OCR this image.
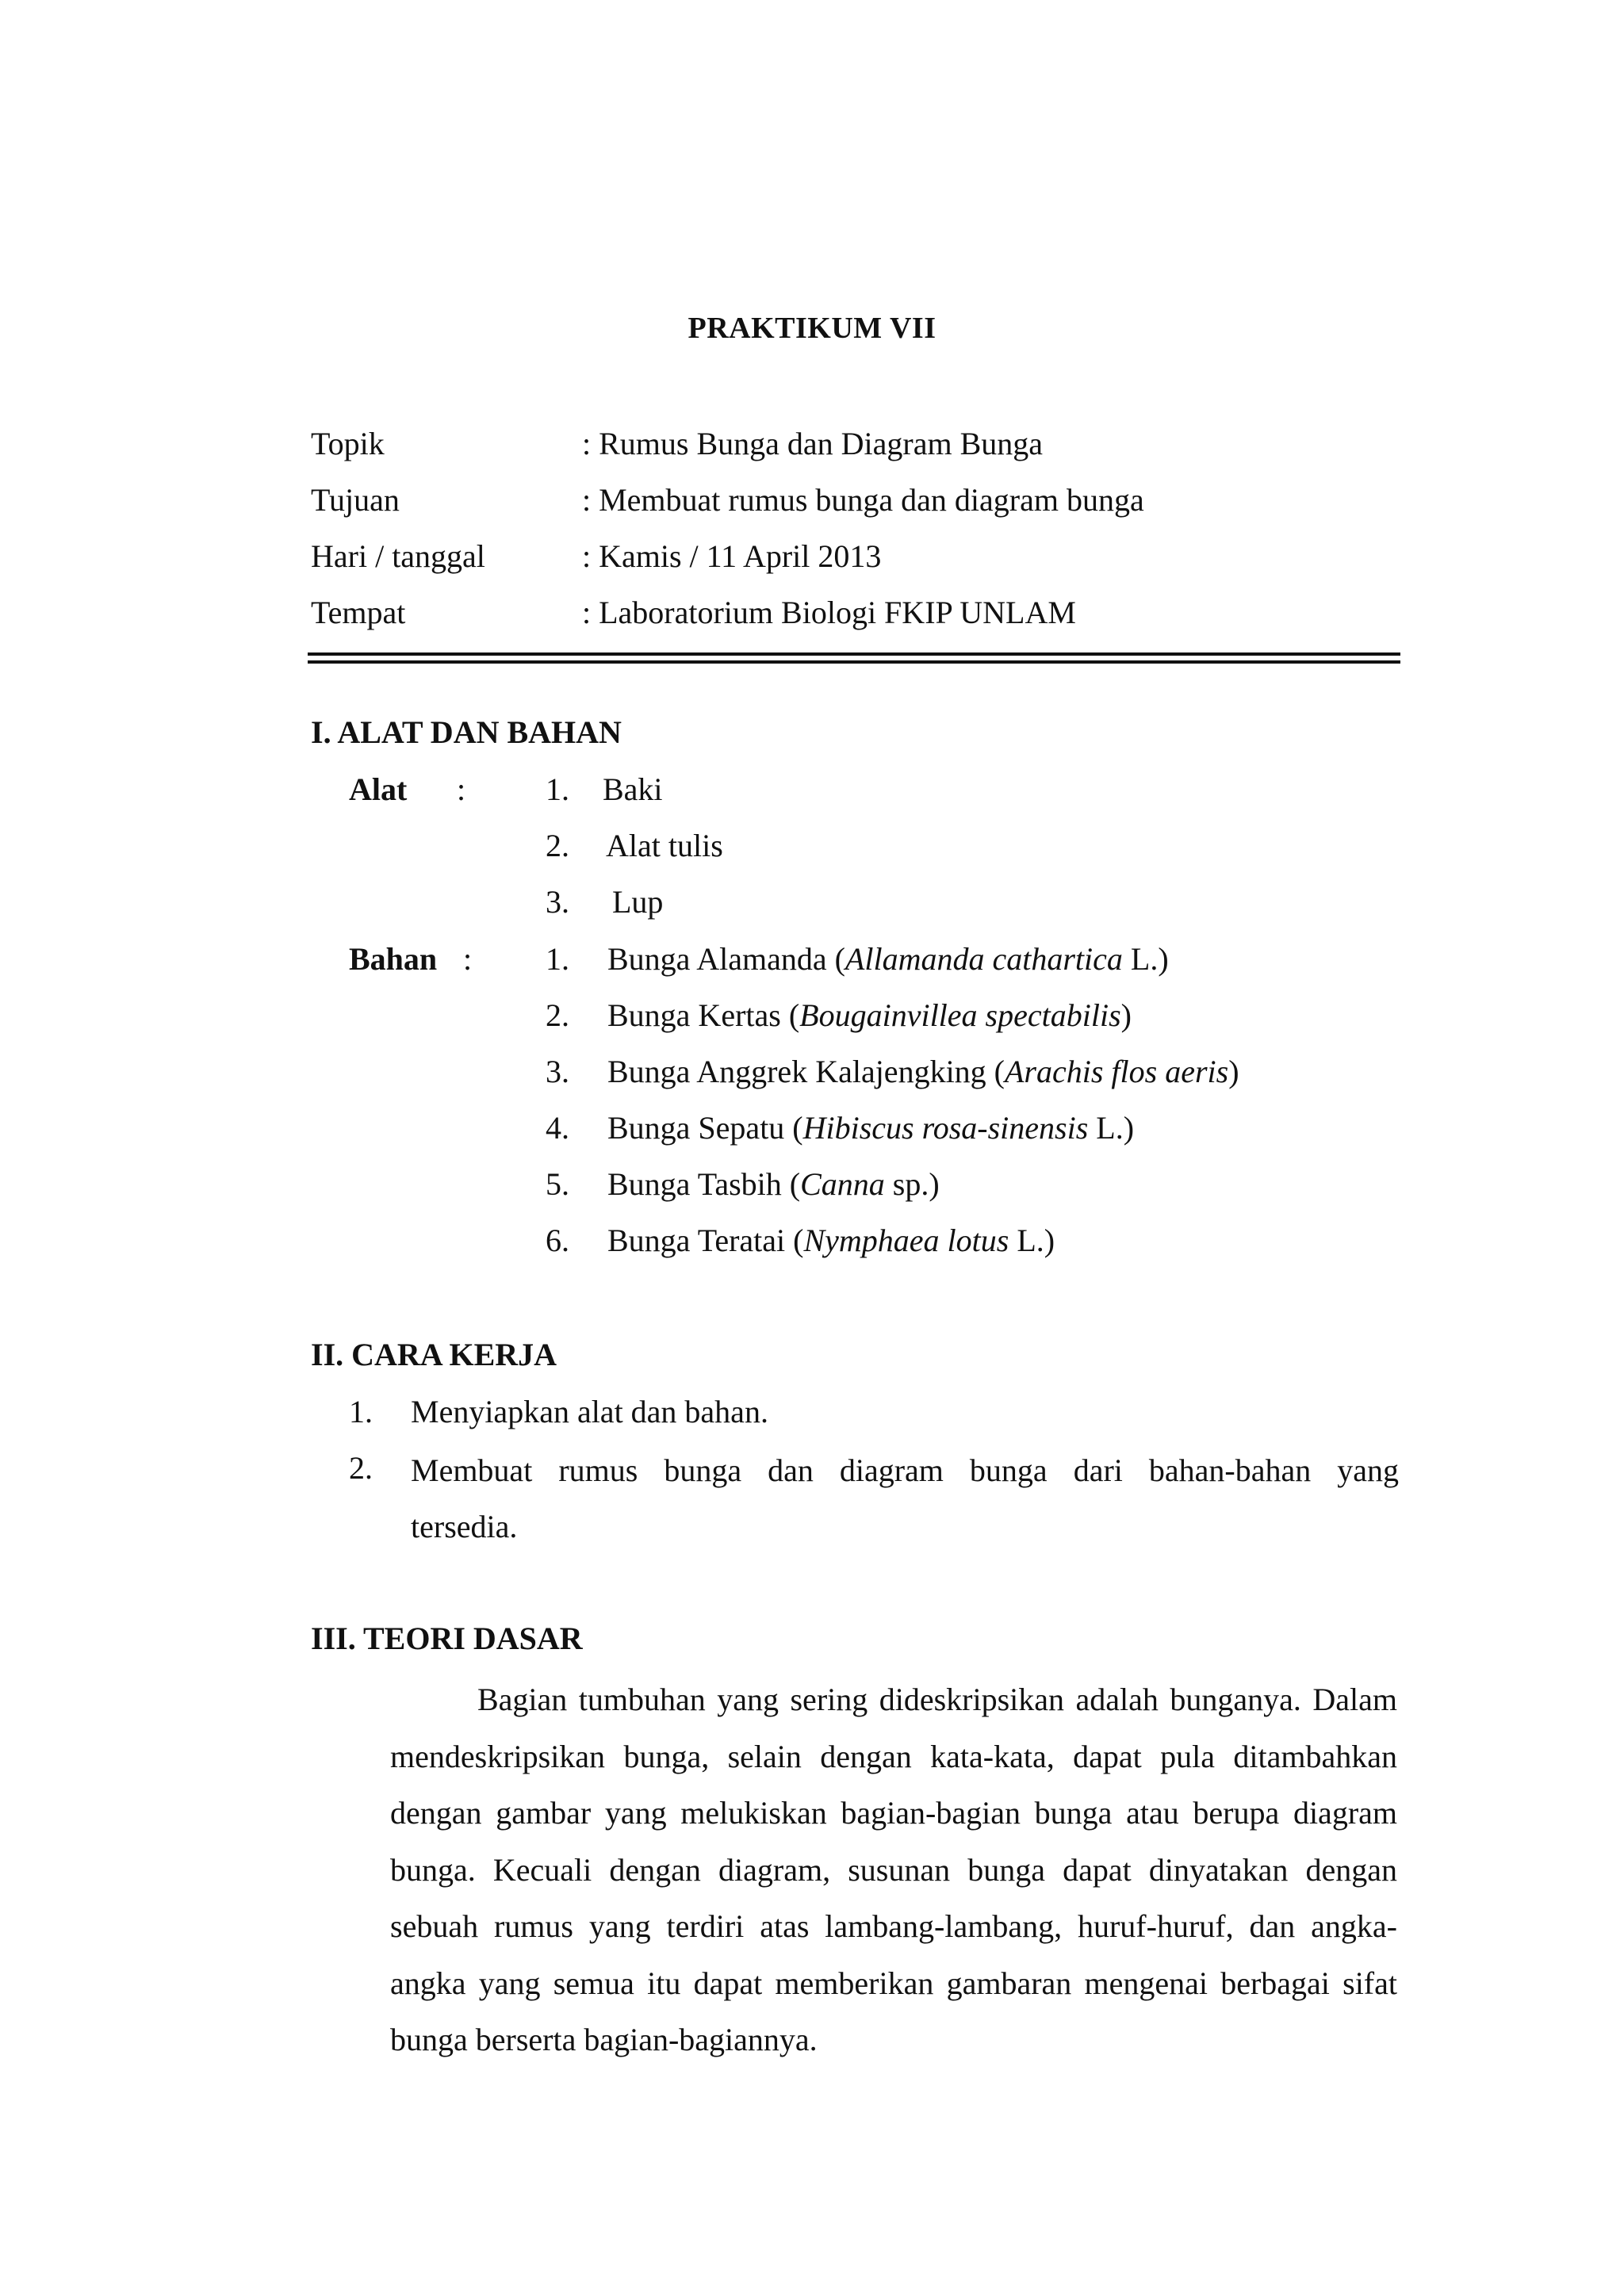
PRAKTIKUM VII
Topik	: Rumus Bunga dan Diagram Bunga
Tujuan	: Membuat rumus bunga dan diagram bunga
Hari / tanggal	: Kamis / 11 April 2013
Tempat	: Laboratorium Biologi FKIP UNLAM
I. ALAT DAN BAHAN
Alat :	1. Baki
2. Alat tulis
3. Lup
Bahan : 1. Bunga Alamanda (Allamanda cathartica L.)
2. Bunga Kertas (Bougainvillea spectabilis)
3. Bunga Anggrek Kalajengking (Arachis flos aeris)
4. Bunga Sepatu (Hibiscus rosa-sinensis L.)
5. Bunga Tasbih (Canna sp.)
6. Bunga Teratai (Nymphaea lotus L.)
II. CARA KERJA
1. Menyiapkan alat dan bahan.
2. Membuat rumus bunga dan diagram bunga dari bahan-bahan yang
tersedia.
III. TEORI DASAR
Bagian tumbuhan yang sering dideskripsikan adalah bunganya. Dalam mendeskripsikan bunga, selain dengan kata-kata, dapat pula ditambahkan dengan gambar yang melukiskan bagian-bagian bunga atau berupa diagram bunga. Kecuali dengan diagram, susunan bunga dapat dinyatakan dengan sebuah rumus yang terdiri atas lambang-lambang, huruf-huruf, dan angka-angka yang semua itu dapat memberikan gambaran mengenai berbagai sifat bunga berserta bagian-bagiannya.
